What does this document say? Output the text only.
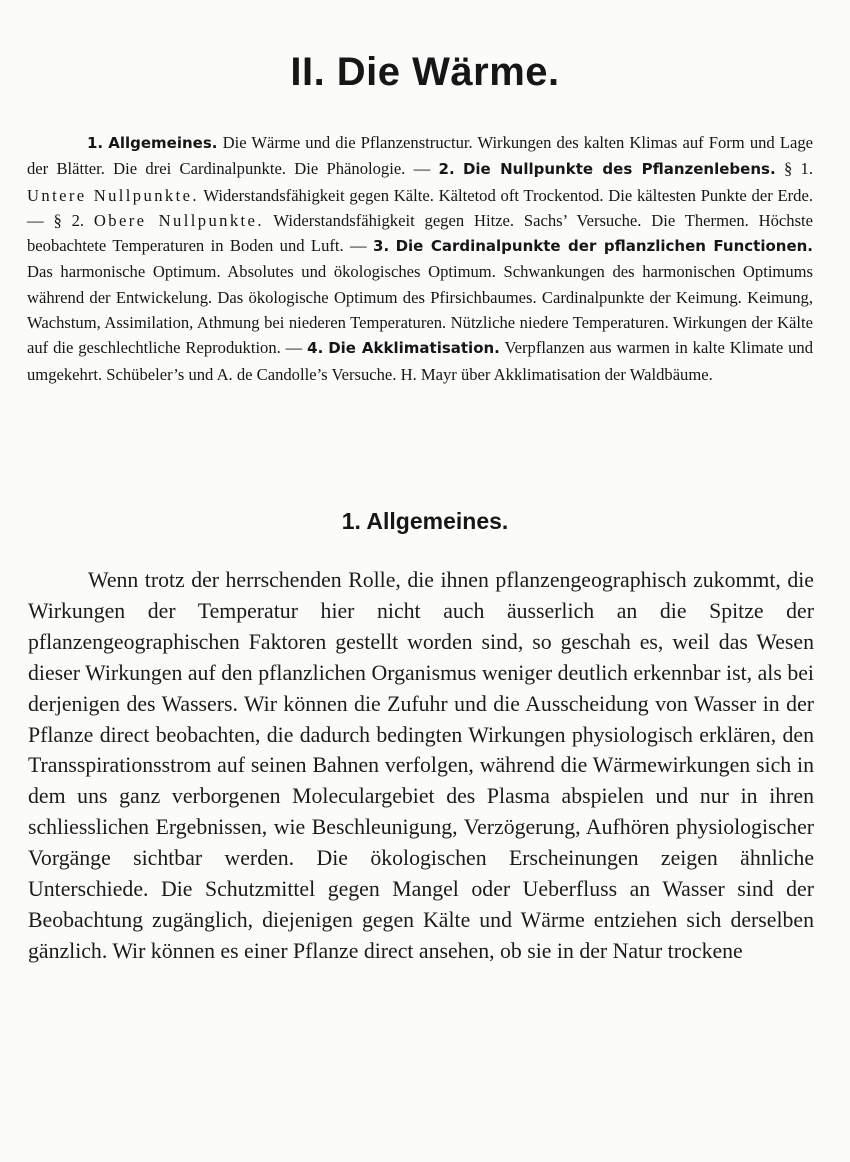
II. Die Wärme.

1. Allgemeines. Die Wärme und die Pflanzenstructur. Wirkungen des kalten Klimas auf Form und Lage der Blätter. Die drei Cardinalpunkte. Die Phänologie. — 2. Die Nullpunkte des Pflanzenlebens. § 1. Untere Nullpunkte. Widerstandsfähigkeit gegen Kälte. Kältetod oft Trockentod. Die kältesten Punkte der Erde. — § 2. Obere Nullpunkte. Widerstandsfähigkeit gegen Hitze. Sachs’ Versuche. Die Thermen. Höchste beobachtete Temperaturen in Boden und Luft. — 3. Die Cardinalpunkte der pflanzlichen Functionen. Das harmonische Optimum. Absolutes und ökologisches Optimum. Schwankungen des harmonischen Optimums während der Entwickelung. Das ökologische Optimum des Pfirsichbaumes. Cardinalpunkte der Keimung. Keimung, Wachstum, Assimilation, Athmung bei niederen Temperaturen. Nützliche niedere Temperaturen. Wirkungen der Kälte auf die geschlechtliche Reproduktion. — 4. Die Akklimatisation. Verpflanzen aus warmen in kalte Klimate und umgekehrt. Schübeler’s und A. de Candolle’s Versuche. H. Mayr über Akklimatisation der Waldbäume.

1. Allgemeines.

Wenn trotz der herrschenden Rolle, die ihnen pflanzengeographisch zukommt, die Wirkungen der Temperatur hier nicht auch äusserlich an die Spitze der pflanzengeographischen Faktoren gestellt worden sind, so geschah es, weil das Wesen dieser Wirkungen auf den pflanzlichen Organismus weniger deutlich erkennbar ist, als bei derjenigen des Wassers. Wir können die Zufuhr und die Ausscheidung von Wasser in der Pflanze direct beobachten, die dadurch bedingten Wirkungen physiologisch erklären, den Transspirationsstrom auf seinen Bahnen verfolgen, während die Wärmewirkungen sich in dem uns ganz verborgenen Moleculargebiet des Plasma abspielen und nur in ihren schliesslichen Ergebnissen, wie Beschleunigung, Verzögerung, Aufhören physiologischer Vorgänge sichtbar werden. Die ökologischen Erscheinungen zeigen ähnliche Unterschiede. Die Schutzmittel gegen Mangel oder Ueberfluss an Wasser sind der Beobachtung zugänglich, diejenigen gegen Kälte und Wärme entziehen sich derselben gänzlich. Wir können es einer Pflanze direct ansehen, ob sie in der Natur trockene
